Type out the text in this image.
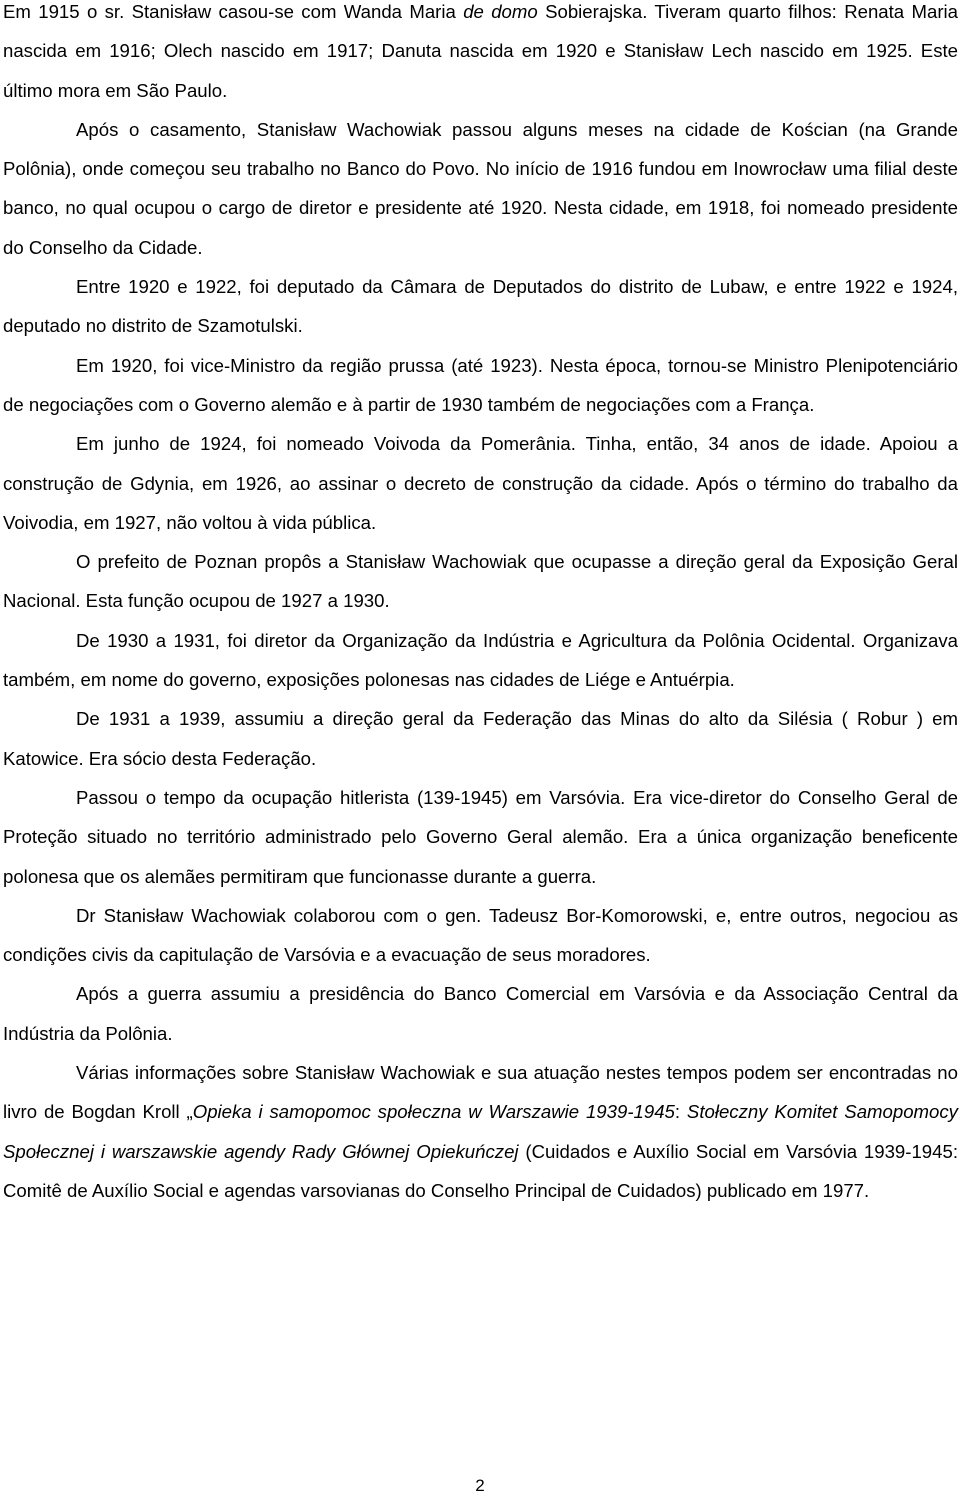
Em 1915 o sr. Stanisław casou-se com Wanda Maria de domo Sobierajska. Tiveram quarto filhos: Renata Maria nascida em 1916; Olech nascido em 1917; Danuta nascida em 1920 e Stanisław Lech nascido em 1925. Este último mora em São Paulo.

Após o casamento, Stanisław Wachowiak passou alguns meses na cidade de Kościan (na Grande Polônia), onde começou seu trabalho no Banco do Povo. No início de 1916 fundou em Inowrocław uma filial deste banco, no qual ocupou o cargo de diretor e presidente até 1920. Nesta cidade, em 1918, foi nomeado presidente do Conselho da Cidade.

Entre 1920 e 1922, foi deputado da Câmara de Deputados do distrito de Lubaw, e entre 1922 e 1924, deputado no distrito de Szamotulski.

Em 1920, foi vice-Ministro da região prussa (até 1923). Nesta época, tornou-se Ministro Plenipotenciário de negociações com o Governo alemão e à partir de 1930 também de negociações com a França.

Em junho de 1924, foi nomeado Voivoda da Pomerânia. Tinha, então, 34 anos de idade. Apoiou a construção de Gdynia, em 1926, ao assinar o decreto de construção da cidade. Após o término do trabalho da Voivodia, em 1927, não voltou à vida pública.

O prefeito de Poznan propôs a Stanisław Wachowiak que ocupasse a direção geral da Exposição Geral Nacional. Esta função ocupou de 1927 a 1930.

De 1930 a 1931, foi diretor da Organização da Indústria e Agricultura da Polônia Ocidental. Organizava também, em nome do governo, exposições polonesas nas cidades de Liége e Antuérpia.

De 1931 a 1939, assumiu a direção geral da Federação das Minas do alto da Silésia ( Robur ) em Katowice. Era sócio desta Federação.

Passou o tempo da ocupação hitlerista (139-1945) em Varsóvia. Era vice-diretor do Conselho Geral de Proteção situado no território administrado pelo Governo Geral alemão. Era a única organização beneficente polonesa que os alemães permitiram que funcionasse durante a guerra.

Dr Stanisław Wachowiak colaborou com o gen. Tadeusz Bor-Komorowski, e, entre outros, negociou as condições civis da capitulação de Varsóvia e a evacuação de seus moradores.

Após a guerra assumiu a presidência do Banco Comercial em Varsóvia e da Associação Central da Indústria da Polônia.

Várias informações sobre Stanisław Wachowiak e sua atuação nestes tempos podem ser encontradas no livro de Bogdan Kroll „Opieka i samopomoc społeczna w Warszawie 1939-1945: Stołeczny Komitet Samopomocy Społecznej i warszawskie agendy Rady Głównej Opiekuńczej (Cuidados e Auxílio Social em Varsóvia 1939-1945: Comitê de Auxílio Social e agendas varsovianas do Conselho Principal de Cuidados) publicado em 1977.

2
